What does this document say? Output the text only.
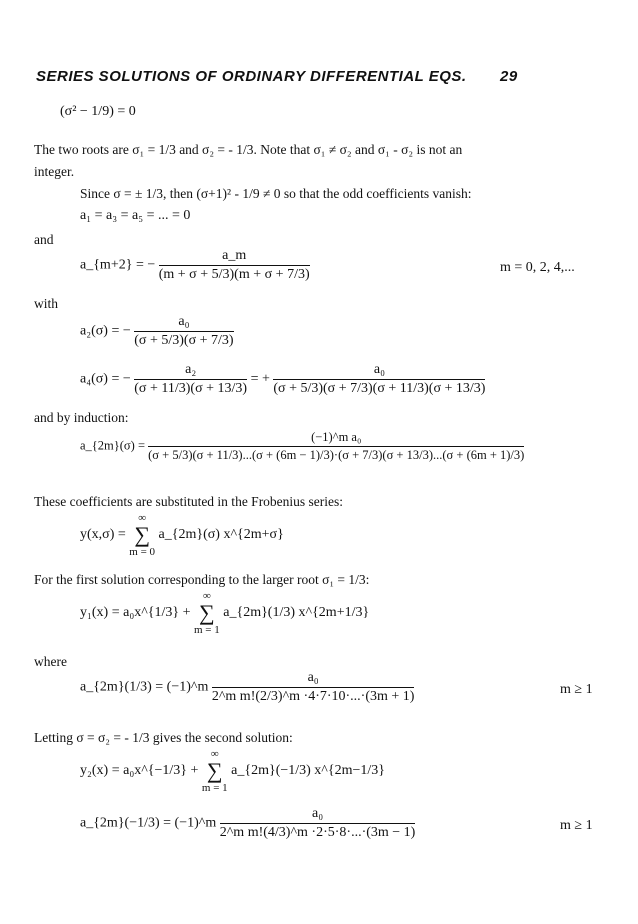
SERIES SOLUTIONS OF ORDINARY DIFFERENTIAL EQS. 29
(σ² − 1/9) = 0
The two roots are σ₁ = 1/3 and σ₂ = - 1/3. Note that σ₁ ≠ σ₂ and σ₁ - σ₂ is not an
integer.
Since σ = ± 1/3, then (σ+1)² - 1/9 ≠ 0 so that the odd coefficients vanish:
a₁ = a₃ = a₅ = ... = 0
and
a_{m+2} = − $\frac{a\_m}{(m + \sigma + 5/3)(m + \sigma + 7/3)}$	m = 0, 2, 4,...
with
a₂(σ) = − $\frac{\text{a₀}}{(\sigma + 5/3)(\sigma + 7/3)}$
a₄(σ) = − $\frac{\text{a₂}}{(\sigma + 11/3)(\sigma + 13/3)}$ = + $\frac{\text{a₀}}{(\sigma + 5/3)(\sigma + 7/3)(\sigma + 11/3)(\sigma + 13/3)}$
and by induction:
a_{2m}(σ) =
(−1)^m a₀
(σ + 5/3)(σ + 11/3)...(σ + (6m − 1)/3)·(σ + 7/3)(σ + 13/3)...(σ + (6m + 1)/3)
These coefficients are substituted in the Frobenius series:
y(x,σ) =
∞
∑
m = 0
a_{2m}(σ) x^{2m+σ}
For the first solution corresponding to the larger root σ₁ = 1/3:
y₁(x) = a₀x^{1/3} +
∞
∑
m = 1
a_{2m}(1/3) x^{2m+1/3}
where
a_{2m}(1/3) = (−1)^m $\frac{\text{a₀}}{\text{2\textasciicircum{}m m!(2/3)\textasciicircum{}m ·4·7·10·...·(3m + 1)}}$	m ≥ 1
Letting σ = σ₂ = - 1/3 gives the second solution:
y₂(x) = a₀x^{−1/3} +
∞
∑
m = 1
a_{2m}(−1/3) x^{2m−1/3}
a_{2m}(−1/3) = (−1)^m $\frac{\text{a₀}}{\text{2\textasciicircum{}m m!(4/3)\textasciicircum{}m ·2·5·8·...·(3m − 1)}}$	m ≥ 1
